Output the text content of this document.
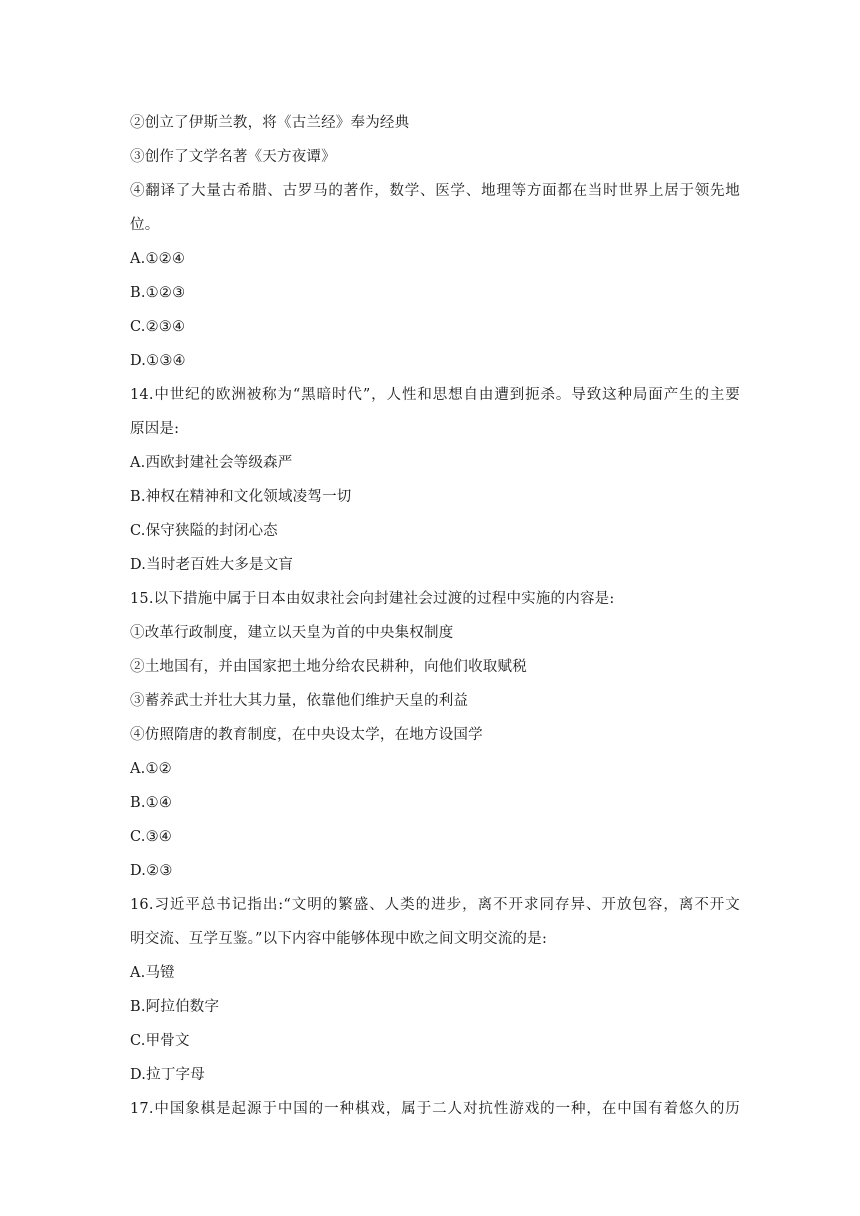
②创立了伊斯兰教，将《古兰经》奉为经典
③创作了文学名著《天方夜谭》
④翻译了大量古希腊、古罗马的著作，数学、医学、地理等方面都在当时世界上居于领先地
位。
A.①②④
B.①②③
C.②③④
D.①③④
14.中世纪的欧洲被称为“黑暗时代”，人性和思想自由遭到扼杀。导致这种局面产生的主要
原因是:
A.西欧封建社会等级森严
B.神权在精神和文化领域凌驾一切
C.保守狭隘的封闭心态
D.当时老百姓大多是文盲
15.以下措施中属于日本由奴隶社会向封建社会过渡的过程中实施的内容是:
①改革行政制度，建立以天皇为首的中央集权制度
②土地国有，并由国家把土地分给农民耕种，向他们收取赋税
③蓄养武士并壮大其力量，依靠他们维护天皇的利益
④仿照隋唐的教育制度，在中央设太学，在地方设国学
A.①②
B.①④
C.③④
D.②③
16.习近平总书记指出:“文明的繁盛、人类的进步，离不开求同存异、开放包容，离不开文
明交流、互学互鉴。”以下内容中能够体现中欧之间文明交流的是:
A.马镫
B.阿拉伯数字
C.甲骨文
D.拉丁字母
17.中国象棋是起源于中国的一种棋戏，属于二人对抗性游戏的一种，在中国有着悠久的历
